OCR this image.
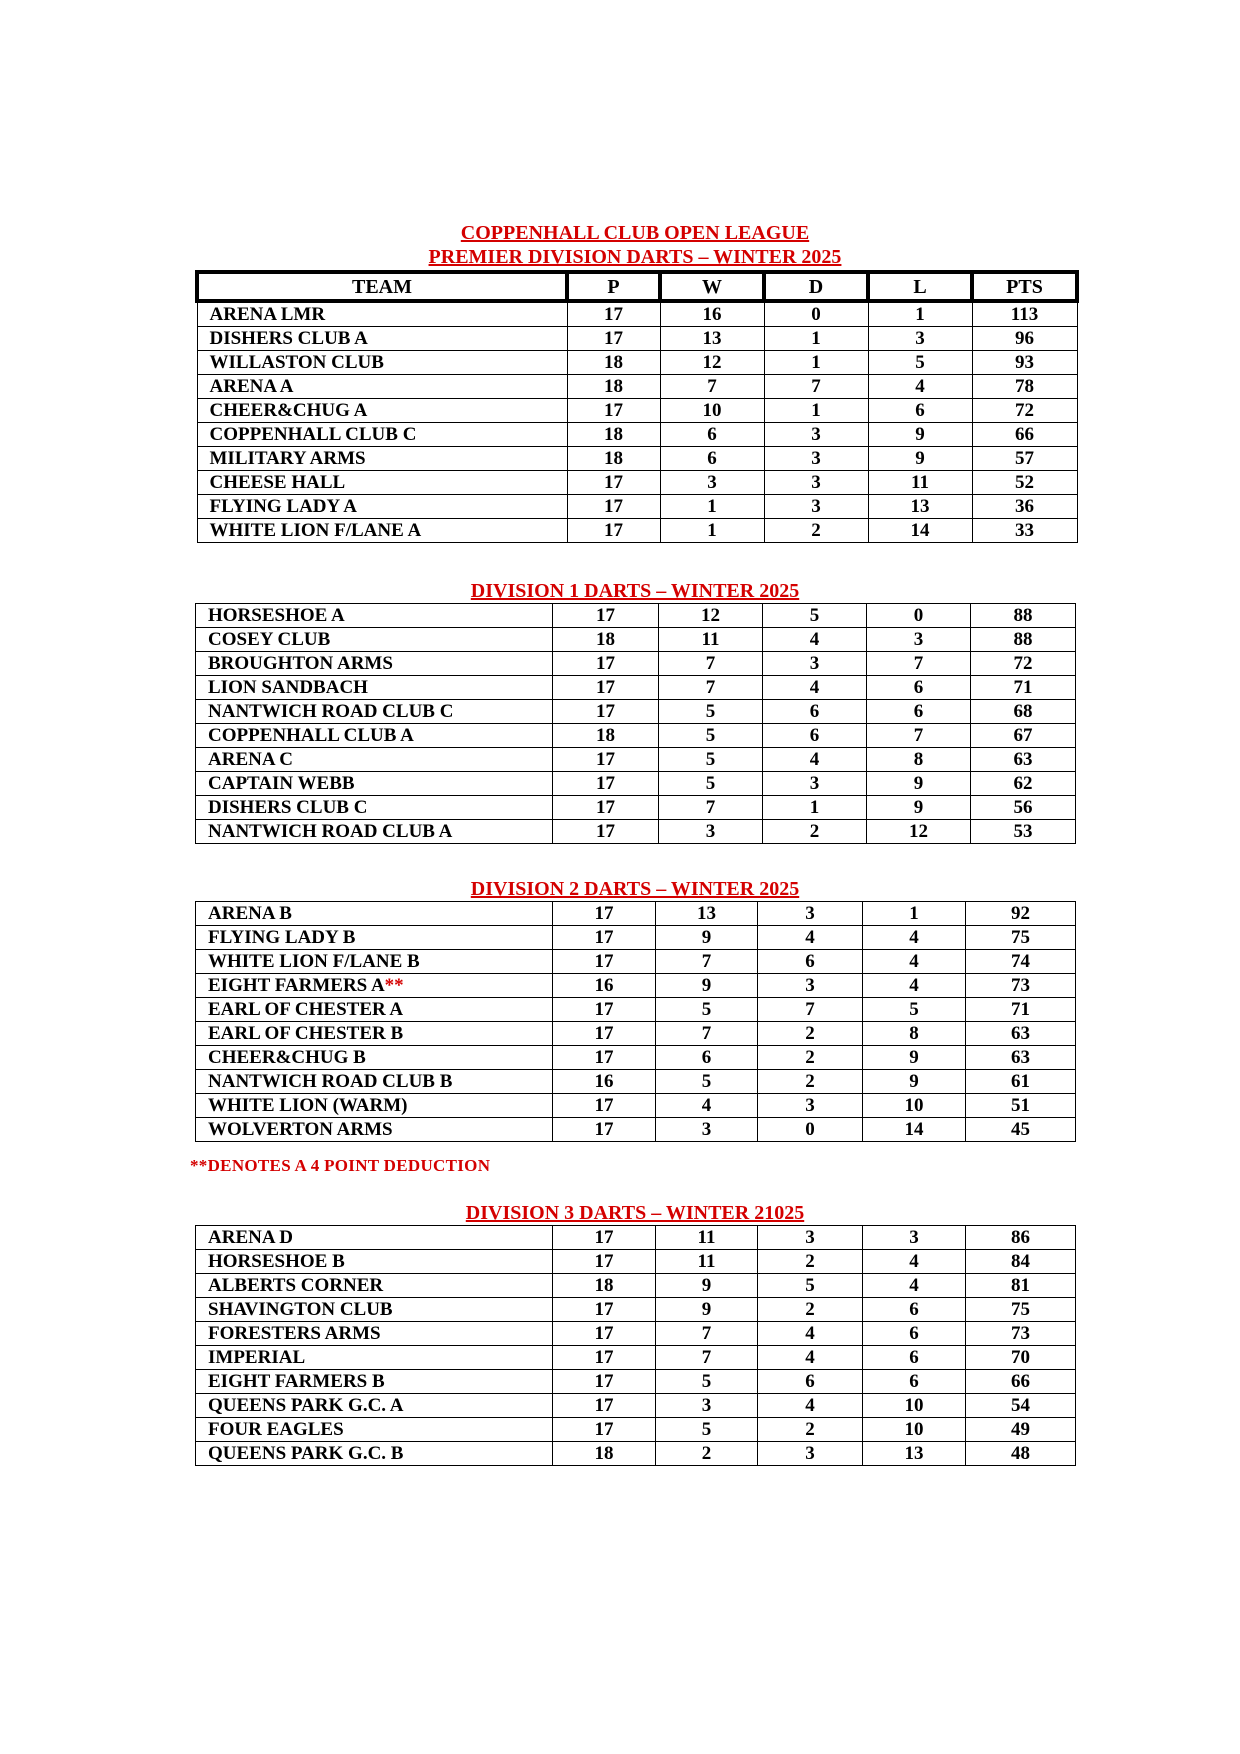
COPPENHALL CLUB OPEN LEAGUE

PREMIER DIVISION DARTS – WINTER 2025

TEAM	P	W	D	L	PTS
ARENA LMR	17	16	0	1	113
DISHERS CLUB A	17	13	1	3	96
WILLASTON CLUB	18	12	1	5	93
ARENA A	18	7	7	4	78
CHEER&CHUG A	17	10	1	6	72
COPPENHALL CLUB C	18	6	3	9	66
MILITARY ARMS	18	6	3	9	57
CHEESE HALL	17	3	3	11	52
FLYING LADY A	17	1	3	13	36
WHITE LION F/LANE A	17	1	2	14	33

DIVISION 1 DARTS – WINTER 2025

HORSESHOE A	17	12	5	0	88
COSEY CLUB	18	11	4	3	88
BROUGHTON ARMS	17	7	3	7	72
LION SANDBACH	17	7	4	6	71
NANTWICH ROAD CLUB C	17	5	6	6	68
COPPENHALL CLUB A	18	5	6	7	67
ARENA C	17	5	4	8	63
CAPTAIN WEBB	17	5	3	9	62
DISHERS CLUB C	17	7	1	9	56
NANTWICH ROAD CLUB A	17	3	2	12	53

DIVISION 2 DARTS – WINTER 2025

ARENA B	17	13	3	1	92
FLYING LADY B	17	9	4	4	75
WHITE LION F/LANE B	17	7	6	4	74
EIGHT FARMERS A**	16	9	3	4	73
EARL OF CHESTER A	17	5	7	5	71
EARL OF CHESTER B	17	7	2	8	63
CHEER&CHUG B	17	6	2	9	63
NANTWICH ROAD CLUB B	16	5	2	9	61
WHITE LION (WARM)	17	4	3	10	51
WOLVERTON ARMS	17	3	0	14	45

**DENOTES A 4 POINT DEDUCTION

DIVISION 3 DARTS – WINTER 21025

ARENA D	17	11	3	3	86
HORSESHOE B	17	11	2	4	84
ALBERTS CORNER	18	9	5	4	81
SHAVINGTON CLUB	17	9	2	6	75
FORESTERS ARMS	17	7	4	6	73
IMPERIAL	17	7	4	6	70
EIGHT FARMERS B	17	5	6	6	66
QUEENS PARK G.C. A	17	3	4	10	54
FOUR EAGLES	17	5	2	10	49
QUEENS PARK G.C. B	18	2	3	13	48
